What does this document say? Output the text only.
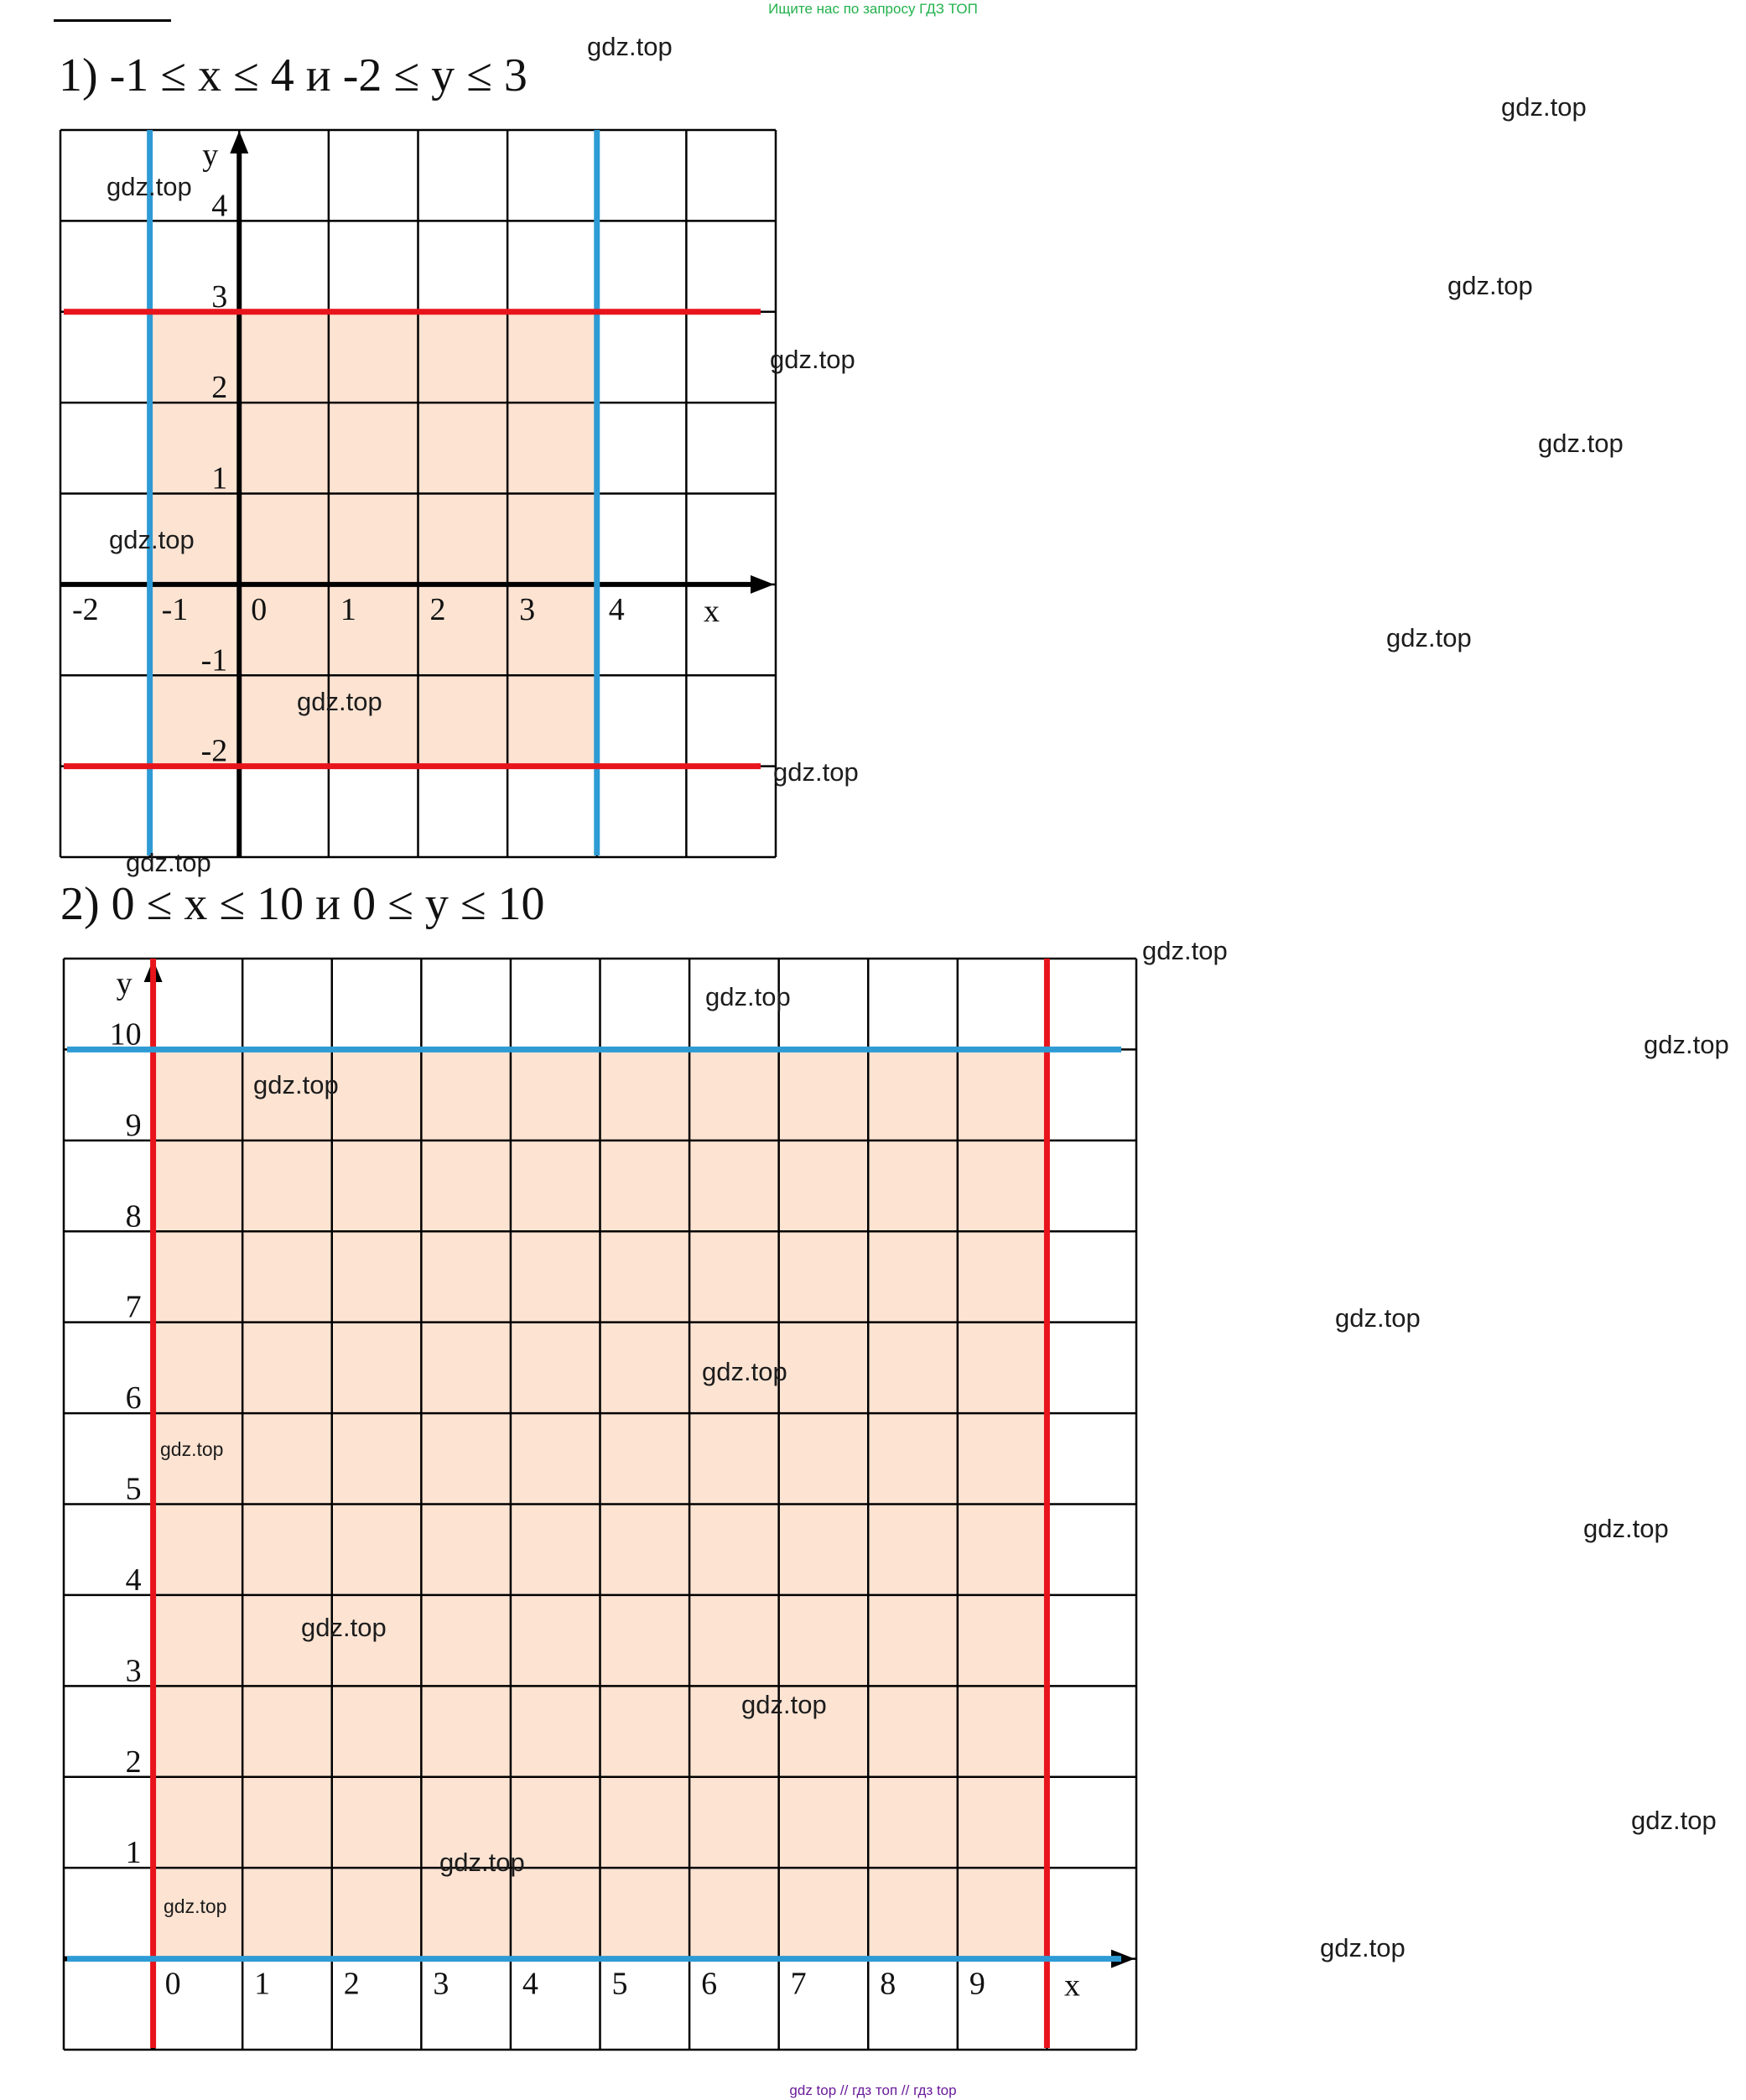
Ищите нас по запросу ГДЗ ТОП
1) -1 ≤ x ≤ 4 и -2 ≤ y ≤ 3
-2 -1 0 1 2 3 4
4
3
2
1
-1
-2
x
y
2) 0 ≤ x ≤ 10 и 0 ≤ y ≤ 10
0 1 2 3 4 5 6 7 8 9
10
9
8
7
6
5
4
3
2
1
x
y
gdz.top
gdz.top
gdz.top
gdz.top
gdz.top
gdz.top
gdz.top
gdz.top
gdz.top
gdz.top
gdz.top
gdz.top
gdz.top
gdz.top
gdz.top
gdz.top
gdz.top
gdz.top
gdz.top
gdz.top
gdz.top
gdz.top
gdz.top
gdz.top
gdz.top
gdz top // гдз топ // гдз top
